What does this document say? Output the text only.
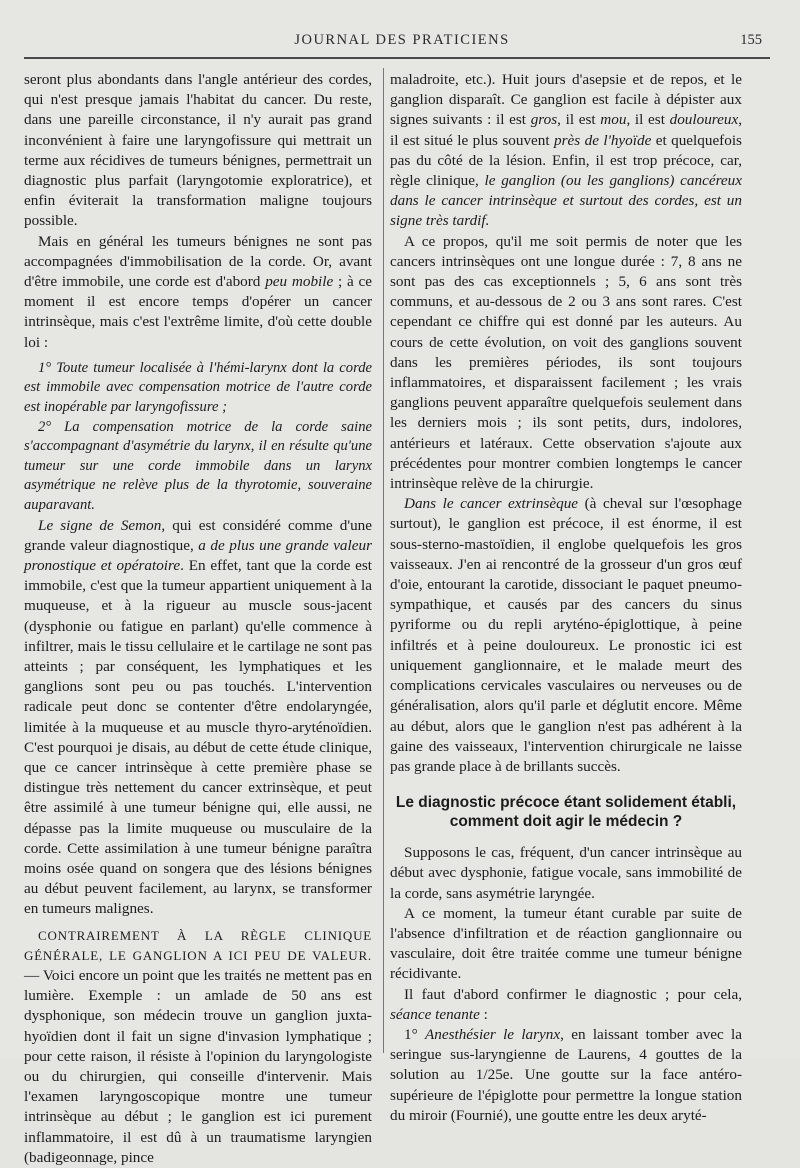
JOURNAL DES PRATICIENS	155

seront plus abondants dans l'angle antérieur des cordes, qui n'est presque jamais l'habitat du cancer. Du reste, dans une pareille circonstance, il n'y aurait pas grand inconvénient à faire une laryngofissure qui mettrait un terme aux récidives de tumeurs bénignes, permettrait un diagnostic plus parfait (laryngotomie exploratrice), et enfin éviterait la transformation maligne toujours possible.

Mais en général les tumeurs bénignes ne sont pas accompagnées d'immobilisation de la corde. Or, avant d'être immobile, une corde est d'abord peu mobile ; à ce moment il est encore temps d'opérer un cancer intrinsèque, mais c'est l'extrême limite, d'où cette double loi :

1° Toute tumeur localisée à l'hémi-larynx dont la corde est immobile avec compensation motrice de l'autre corde est inopérable par laryngofissure ;

2° La compensation motrice de la corde saine s'accompagnant d'asymétrie du larynx, il en résulte qu'une tumeur sur une corde immobile dans un larynx asymétrique ne relève plus de la thyrotomie, souveraine auparavant.

Le signe de Semon, qui est considéré comme d'une grande valeur diagnostique, a de plus une grande valeur pronostique et opératoire. En effet, tant que la corde est immobile, c'est que la tumeur appartient uniquement à la muqueuse, et à la rigueur au muscle sous-jacent (dysphonie ou fatigue en parlant) qu'elle commence à infiltrer, mais le tissu cellulaire et le cartilage ne sont pas atteints ; par conséquent, les lymphatiques et les ganglions sont peu ou pas touchés. L'intervention radicale peut donc se contenter d'être endolaryngée, limitée à la muqueuse et au muscle thyro-aryténoïdien. C'est pourquoi je disais, au début de cette étude clinique, que ce cancer intrinsèque à cette première phase se distingue très nettement du cancer extrinsèque, et peut être assimilé à une tumeur bénigne qui, elle aussi, ne dépasse pas la limite muqueuse ou musculaire de la corde. Cette assimilation à une tumeur bénigne paraîtra moins osée quand on songera que des lésions bénignes au début peuvent facilement, au larynx, se transformer en tumeurs malignes.

CONTRAIREMENT À LA RÈGLE CLINIQUE GÉNÉRALE, LE GANGLION A ICI PEU DE VALEUR. — Voici encore un point que les traités ne mettent pas en lumière. Exemple : un amlade de 50 ans est dysphonique, son médecin trouve un ganglion juxta-hyoïdien dont il fait un signe d'invasion lymphatique ; pour cette raison, il résiste à l'opinion du laryngologiste ou du chirurgien, qui conseille d'intervenir. Mais l'examen laryngoscopique montre une tumeur intrinsèque au début ; le ganglion est ici purement inflammatoire, il est dû à un traumatisme laryngien (badigeonnage, pince

maladroite, etc.). Huit jours d'asepsie et de repos, et le ganglion disparaît. Ce ganglion est facile à dépister aux signes suivants : il est gros, il est mou, il est douloureux, il est situé le plus souvent près de l'hyoïde et quelquefois pas du côté de la lésion. Enfin, il est trop précoce, car, règle clinique, le ganglion (ou les ganglions) cancéreux dans le cancer intrinsèque et surtout des cordes, est un signe très tardif.

A ce propos, qu'il me soit permis de noter que les cancers intrinsèques ont une longue durée : 7, 8 ans ne sont pas des cas exceptionnels ; 5, 6 ans sont très communs, et au-dessous de 2 ou 3 ans sont rares. C'est cependant ce chiffre qui est donné par les auteurs. Au cours de cette évolution, on voit des ganglions souvent dans les premières périodes, ils sont toujours inflammatoires, et disparaissent facilement ; les vrais ganglions peuvent apparaître quelquefois seulement dans les derniers mois ; ils sont petits, durs, indolores, antérieurs et latéraux. Cette observation s'ajoute aux précédentes pour montrer combien longtemps le cancer intrinsèque relève de la chirurgie.

Dans le cancer extrinsèque (à cheval sur l'œsophage surtout), le ganglion est précoce, il est énorme, il est sous-sterno-mastoïdien, il englobe quelquefois les gros vaisseaux. J'en ai rencontré de la grosseur d'un gros œuf d'oie, entourant la carotide, dissociant le paquet pneumo-sympathique, et causés par des cancers du sinus pyriforme ou du repli aryténo-épiglottique, à peine infiltrés et à peine douloureux. Le pronostic ici est uniquement ganglionnaire, et le malade meurt des complications cervicales vasculaires ou nerveuses ou de généralisation, alors qu'il parle et déglutit encore. Même au début, alors que le ganglion n'est pas adhérent à la gaine des vaisseaux, l'intervention chirurgicale ne laisse pas grande place à de brillants succès.

Le diagnostic précoce étant solidement établi, comment doit agir le médecin ?

Supposons le cas, fréquent, d'un cancer intrinsèque au début avec dysphonie, fatigue vocale, sans immobilité de la corde, sans asymétrie laryngée.

A ce moment, la tumeur étant curable par suite de l'absence d'infiltration et de réaction ganglionnaire ou vasculaire, doit être traitée comme une tumeur bénigne récidivante.

Il faut d'abord confirmer le diagnostic ; pour cela, séance tenante :

1° Anesthésier le larynx, en laissant tomber avec la seringue sus-laryngienne de Laurens, 4 gouttes de la solution au 1/25e. Une goutte sur la face antéro-supérieure de l'épiglotte pour permettre la longue station du miroir (Fournié), une goutte entre les deux aryté-
